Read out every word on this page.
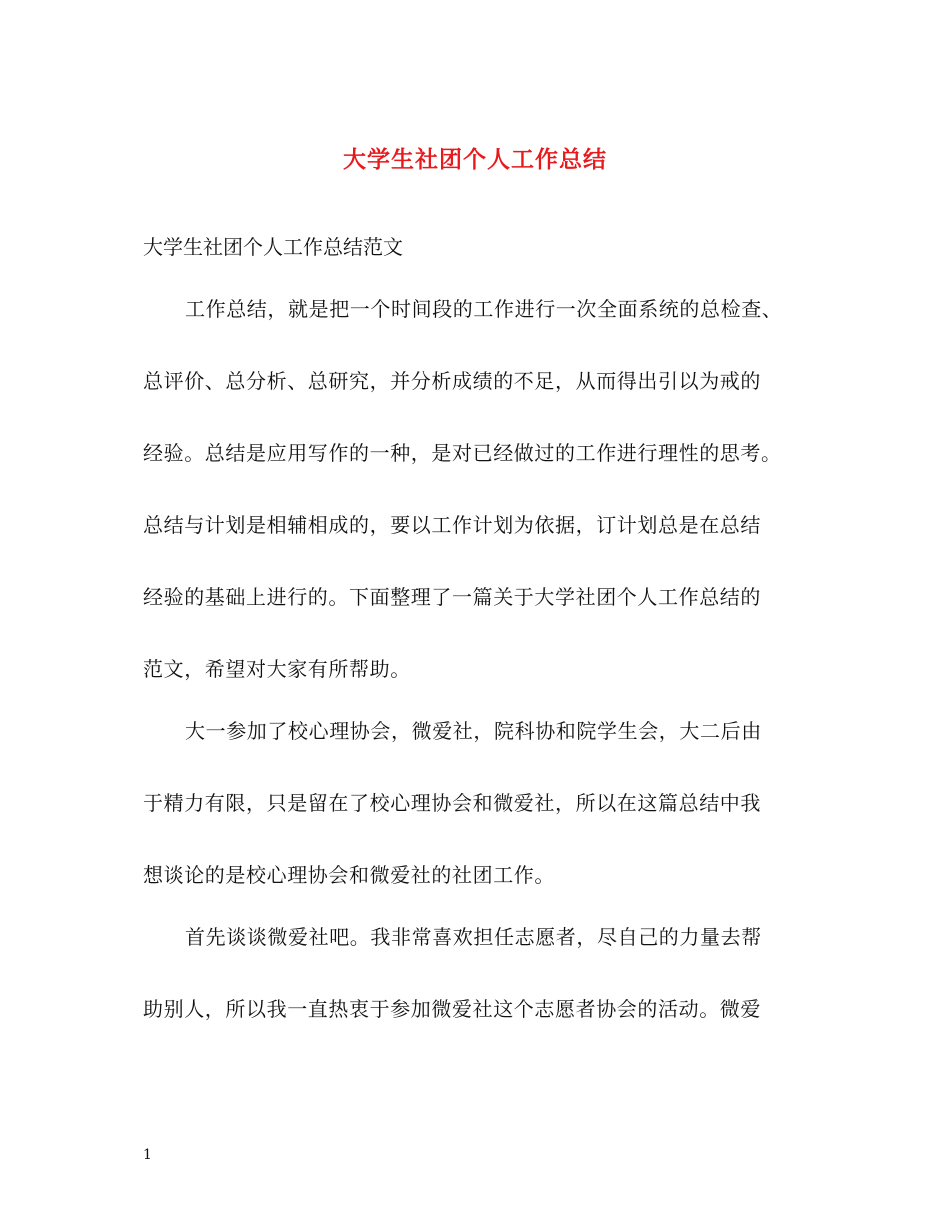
大学生社团个人工作总结
大学生社团个人工作总结范文
工作总结，就是把一个时间段的工作进行一次全面系统的总检查、
总评价、总分析、总研究，并分析成绩的不足，从而得出引以为戒的
经验。总结是应用写作的一种，是对已经做过的工作进行理性的思考。
总结与计划是相辅相成的，要以工作计划为依据，订计划总是在总结
经验的基础上进行的。下面整理了一篇关于大学社团个人工作总结的
范文，希望对大家有所帮助。
大一参加了校心理协会，微爱社，院科协和院学生会，大二后由
于精力有限，只是留在了校心理协会和微爱社，所以在这篇总结中我
想谈论的是校心理协会和微爱社的社团工作。
首先谈谈微爱社吧。我非常喜欢担任志愿者，尽自己的力量去帮
助别人，所以我一直热衷于参加微爱社这个志愿者协会的活动。微爱
1
